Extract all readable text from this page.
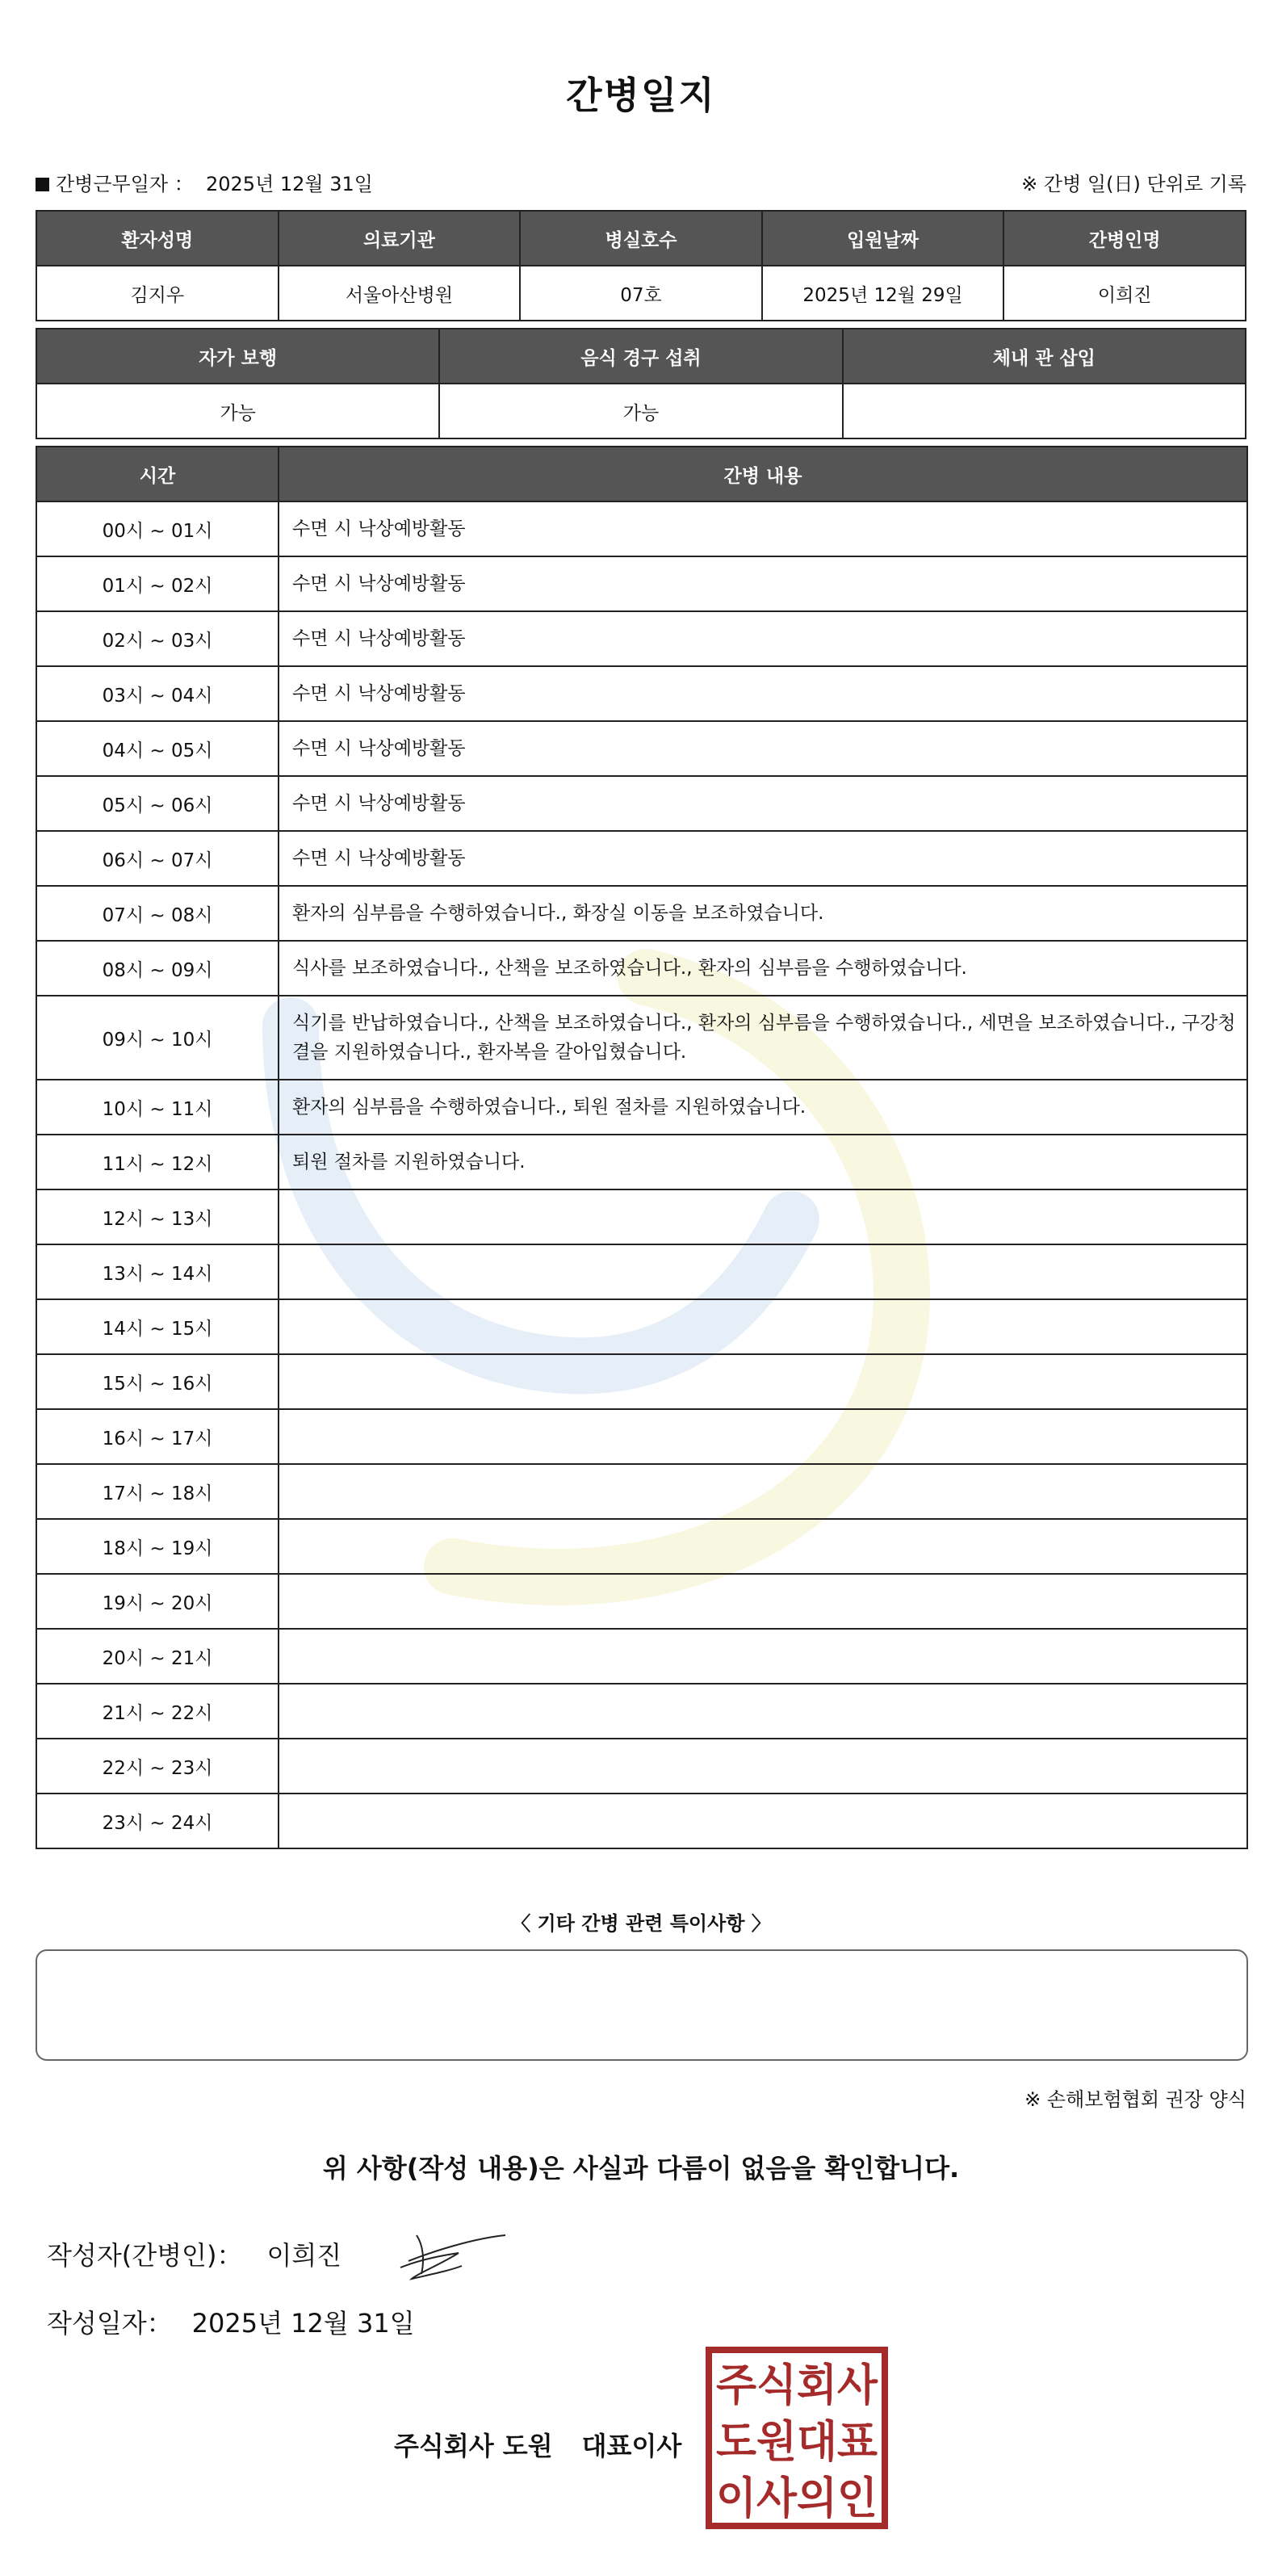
간병일지
간병근무일자 ： 2025년 12월 31일	※ 간병 일(日) 단위로 기록
환자성명	의료기관	병실호수	입원날짜	간병인명
김지우	서울아산병원	07호	2025년 12월 29일	이희진
자가 보행	음식 경구 섭취	체내 관 삽입
가능	가능	
시간	간병 내용
00시 ~ 01시	수면 시 낙상예방활동
01시 ~ 02시	수면 시 낙상예방활동
02시 ~ 03시	수면 시 낙상예방활동
03시 ~ 04시	수면 시 낙상예방활동
04시 ~ 05시	수면 시 낙상예방활동
05시 ~ 06시	수면 시 낙상예방활동
06시 ~ 07시	수면 시 낙상예방활동
07시 ~ 08시	환자의 심부름을 수행하였습니다., 화장실 이동을 보조하였습니다.
08시 ~ 09시	식사를 보조하였습니다., 산책을 보조하였습니다., 환자의 심부름을 수행하였습니다.
09시 ~ 10시	식기를 반납하였습니다., 산책을 보조하였습니다., 환자의 심부름을 수행하였습니다., 세면을 보조하였습니다., 구강청결을 지원하였습니다., 환자복을 갈아입혔습니다.
10시 ~ 11시	환자의 심부름을 수행하였습니다., 퇴원 절차를 지원하였습니다.
11시 ~ 12시	퇴원 절차를 지원하였습니다.
12시 ~ 13시	
13시 ~ 14시	
14시 ~ 15시	
15시 ~ 16시	
16시 ~ 17시	
17시 ~ 18시	
18시 ~ 19시	
19시 ~ 20시	
20시 ~ 21시	
21시 ~ 22시	
22시 ~ 23시	
23시 ~ 24시	
〈 기타 간병 관련 특이사항 〉
※ 손해보험협회 권장 양식
위 사항(작성 내용)은 사실과 다름이 없음을 확인합니다.
작성자(간병인)： 이희진
작성일자： 2025년 12월 31일
주식회사 도원 대표이사
주식회사
도원대표
이사의인
